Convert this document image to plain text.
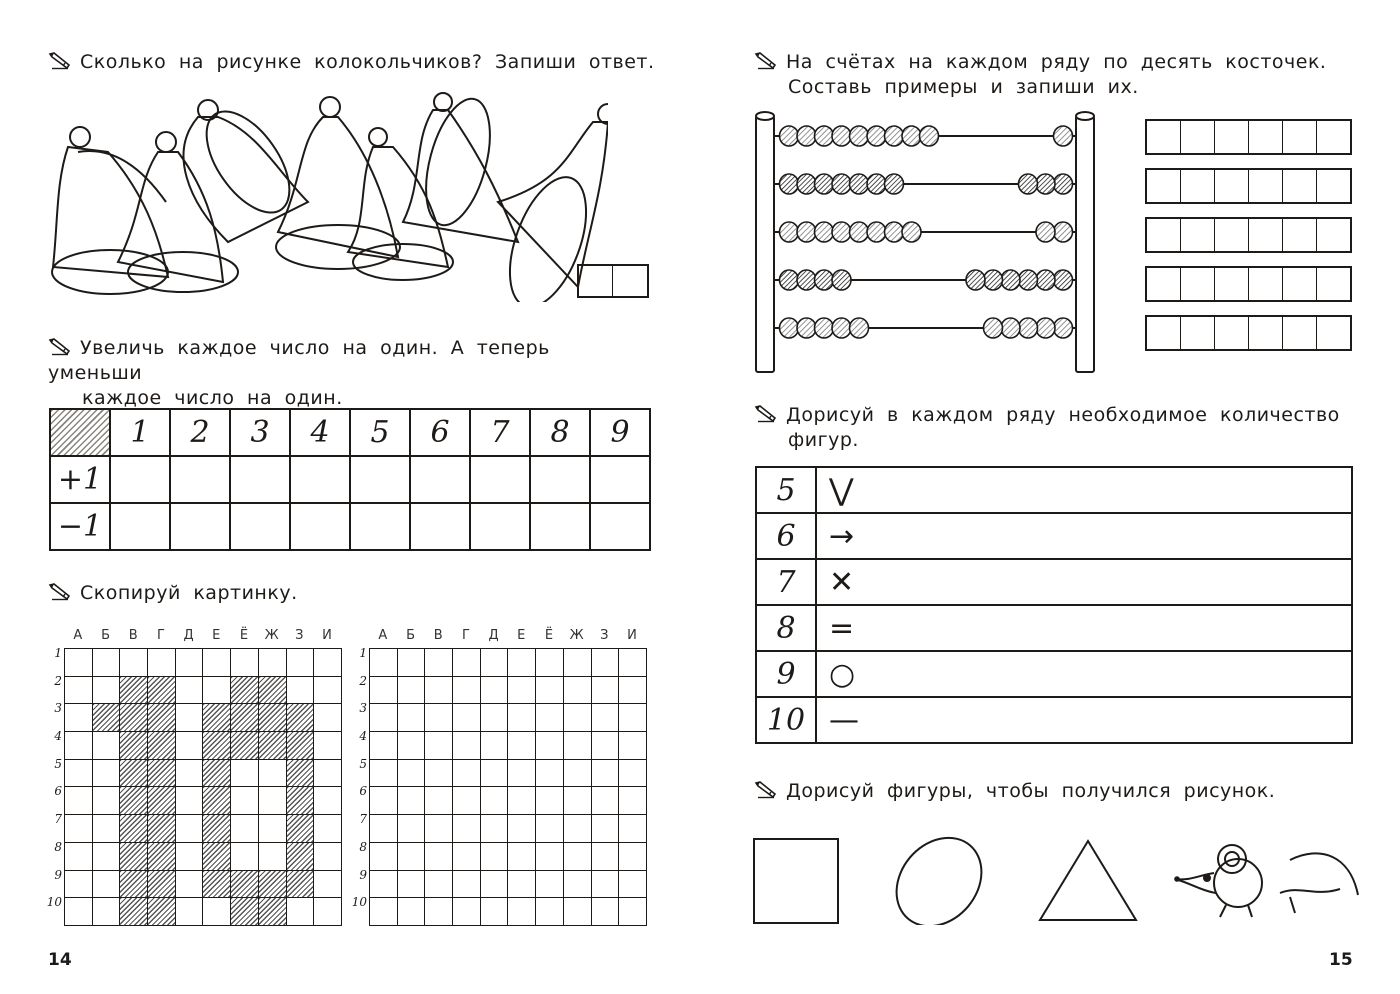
Сколько на рисунке колокольчиков? Запиши ответ.
Увеличь каждое число на один. А теперь уменьши
каждое число на один.
	1	2	3	4	5	6	7	8	9
+1									
−1									
Скопируй картинку.
А	Б	В	Г	Д	Е	Ё	Ж	З	И
1
2
3
4
5
6
7
8
9
10
А	Б	В	Г	Д	Е	Ё	Ж	З	И
1
2
3
4
5
6
7
8
9
10
14
На счётах на каждом ряду по десять косточек.
Составь примеры и запиши их.
Дорисуй в каждом ряду необходимое количество
фигур.
5	⋁
6	→
7	✕
8	=
9	○
10	—
Дорисуй фигуры, чтобы получился рисунок.
15
